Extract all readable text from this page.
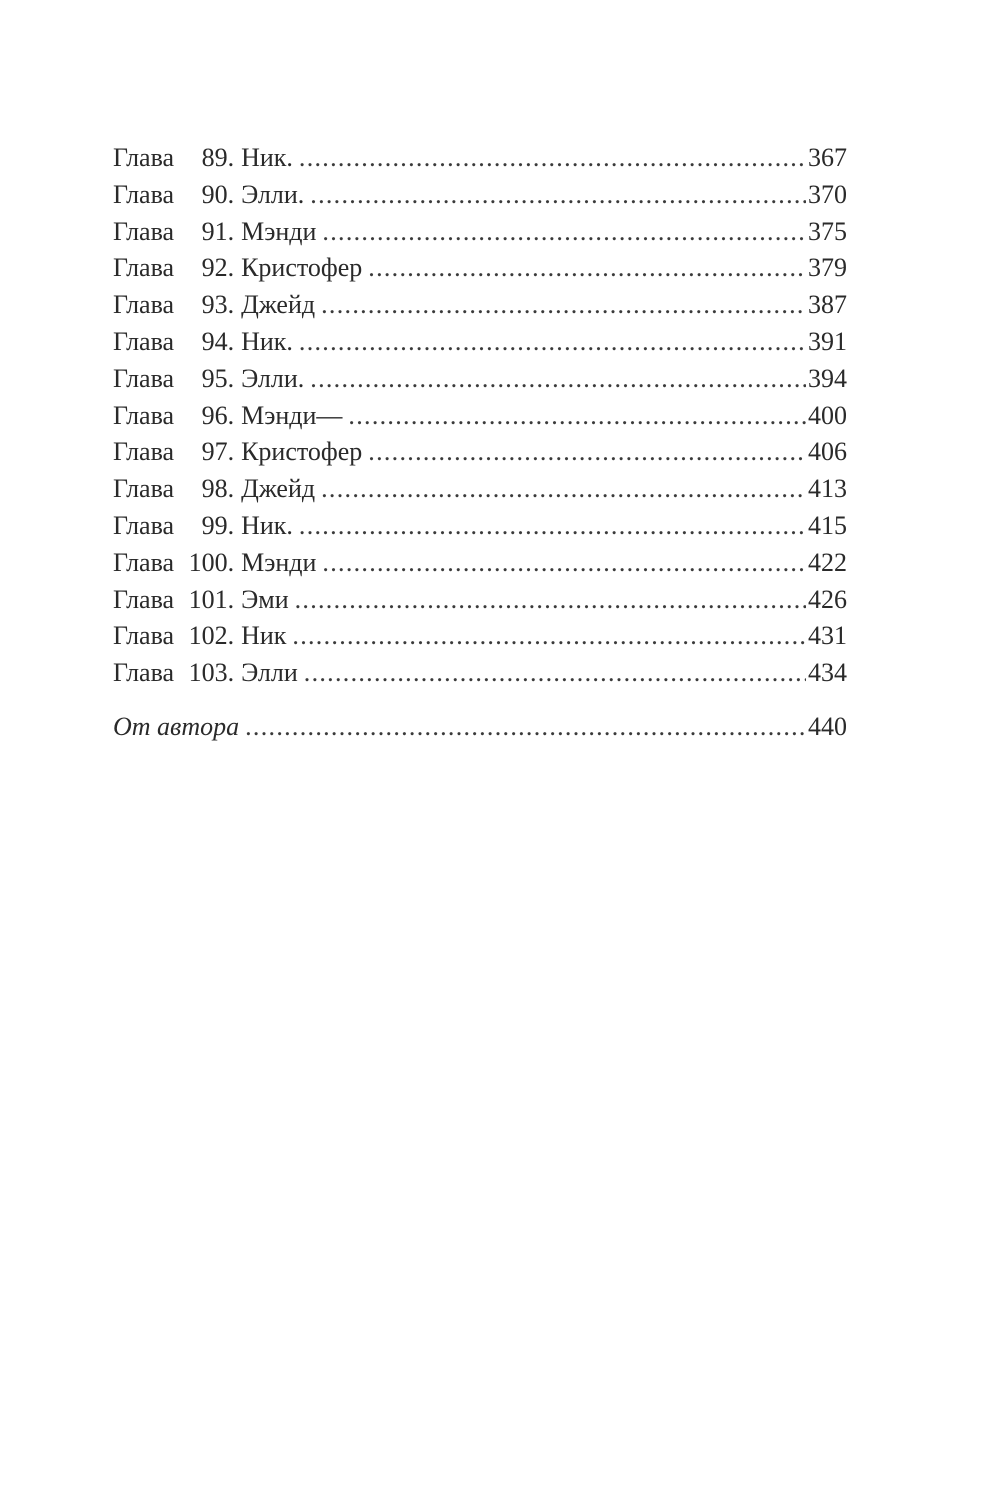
Глава	89. Ник. . . .	367
Глава	90. Элли. . . .	370
Глава	91. Мэнди . . .	375
Глава	92. Кристофер . . .	379
Глава	93. Джейд . . .	387
Глава	94. Ник. . . .	391
Глава	95. Элли. . . .	394
Глава	96. Мэнди— . . .	400
Глава	97. Кристофер . . .	406
Глава	98. Джейд . . .	413
Глава	99. Ник. . . .	415
Глава 100. Мэнди . . .	422
Глава 101. Эми . . .	426
Глава 102. Ник . . .	431
Глава 103. Элли . . .	434
От автора . . .	440
